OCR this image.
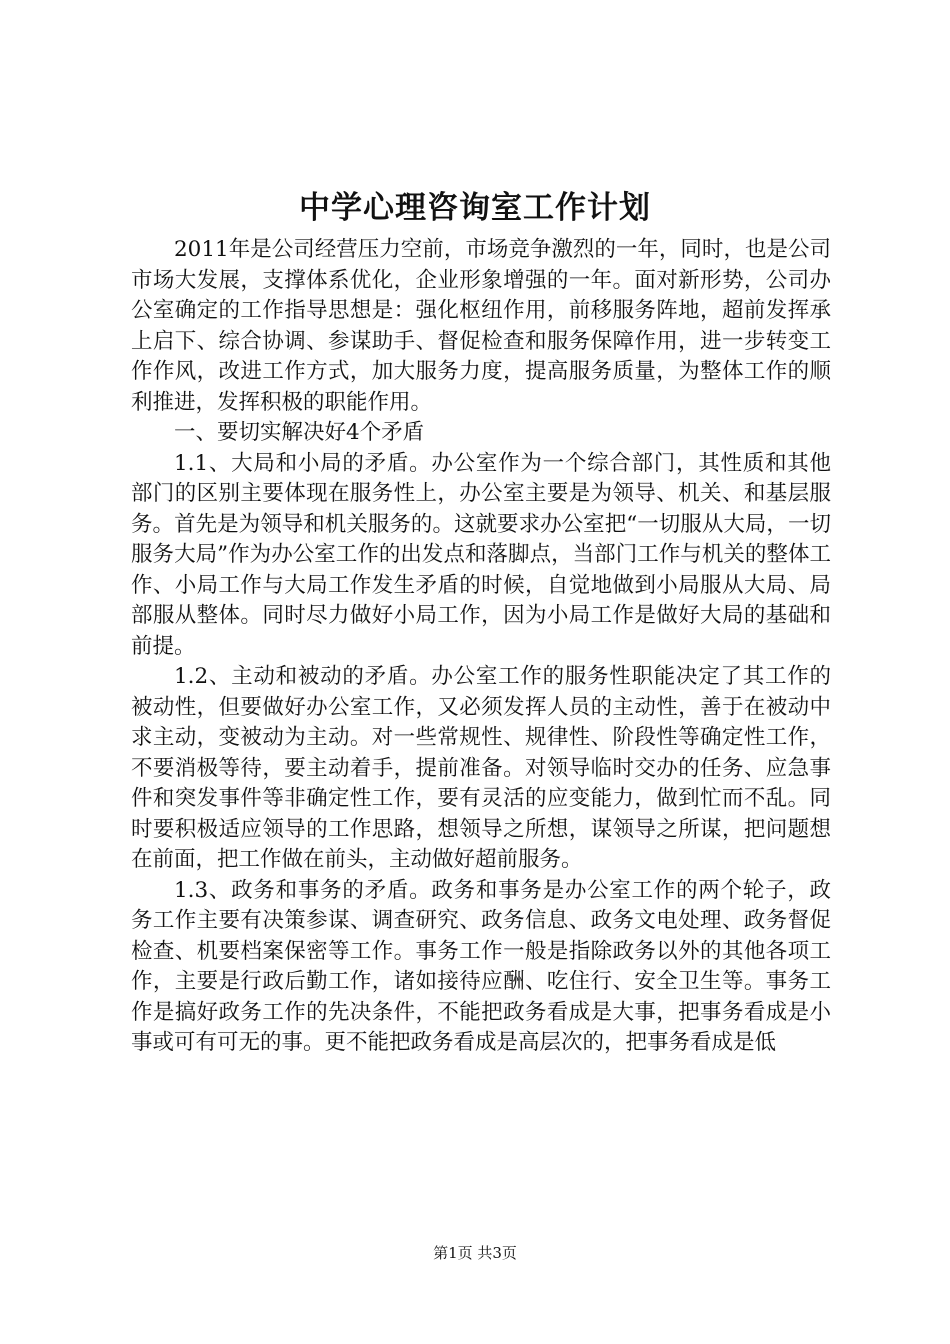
中学心理咨询室工作计划

2011年是公司经营压力空前，市场竞争激烈的一年，同时，也是公司市场大发展，支撑体系优化，企业形象增强的一年。面对新形势，公司办公室确定的工作指导思想是：强化枢纽作用，前移服务阵地，超前发挥承上启下、综合协调、参谋助手、督促检查和服务保障作用，进一步转变工作作风，改进工作方式，加大服务力度，提高服务质量，为整体工作的顺利推进，发挥积极的职能作用。

一、要切实解决好4个矛盾

1.1、大局和小局的矛盾。办公室作为一个综合部门，其性质和其他部门的区别主要体现在服务性上，办公室主要是为领导、机关、和基层服务。首先是为领导和机关服务的。这就要求办公室把“一切服从大局，一切服务大局”作为办公室工作的出发点和落脚点，当部门工作与机关的整体工作、小局工作与大局工作发生矛盾的时候，自觉地做到小局服从大局、局部服从整体。同时尽力做好小局工作，因为小局工作是做好大局的基础和前提。

1.2、主动和被动的矛盾。办公室工作的服务性职能决定了其工作的被动性，但要做好办公室工作，又必须发挥人员的主动性，善于在被动中求主动，变被动为主动。对一些常规性、规律性、阶段性等确定性工作，不要消极等待，要主动着手，提前准备。对领导临时交办的任务、应急事件和突发事件等非确定性工作，要有灵活的应变能力，做到忙而不乱。同时要积极适应领导的工作思路，想领导之所想，谋领导之所谋，把问题想在前面，把工作做在前头，主动做好超前服务。

1.3、政务和事务的矛盾。政务和事务是办公室工作的两个轮子，政务工作主要有决策参谋、调查研究、政务信息、政务文电处理、政务督促检查、机要档案保密等工作。事务工作一般是指除政务以外的其他各项工作，主要是行政后勤工作，诸如接待应酬、吃住行、安全卫生等。事务工作是搞好政务工作的先决条件，不能把政务看成是大事，把事务看成是小事或可有可无的事。更不能把政务看成是高层次的，把事务看成是低

第1页 共3页
